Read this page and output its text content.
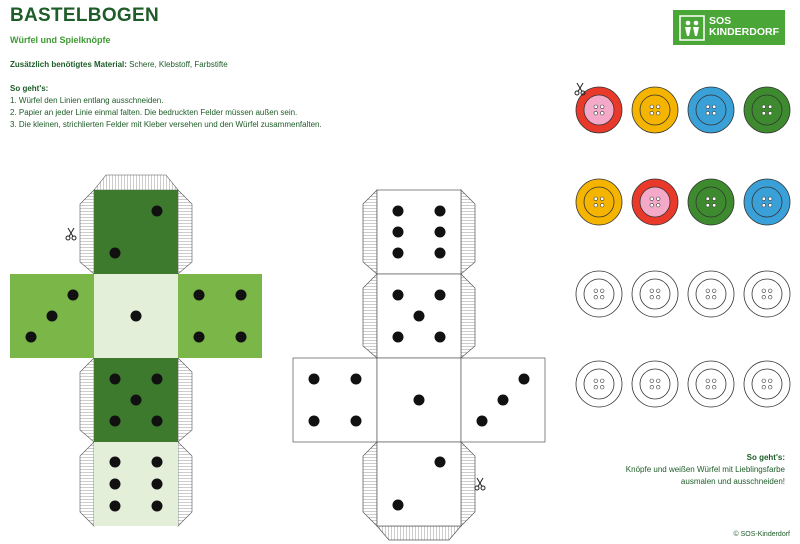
BASTELBOGEN
Würfel und Spielknöpfe
Zusätzlich benötigtes Material: Schere, Klebstoff, Farbstifte
So geht's:
1. Würfel den Linien entlang ausschneiden.
2. Papier an jeder Linie einmal falten. Die bedruckten Felder müssen außen sein.
3. Die kleinen, strichlierten Felder mit Kleber versehen und den Würfel zusammenfalten.
SOS
KINDERDORF
So geht's:
Knöpfe und weißen Würfel mit Lieblingsfarbe
ausmalen und ausschneiden!
© SOS-Kinderdorf
